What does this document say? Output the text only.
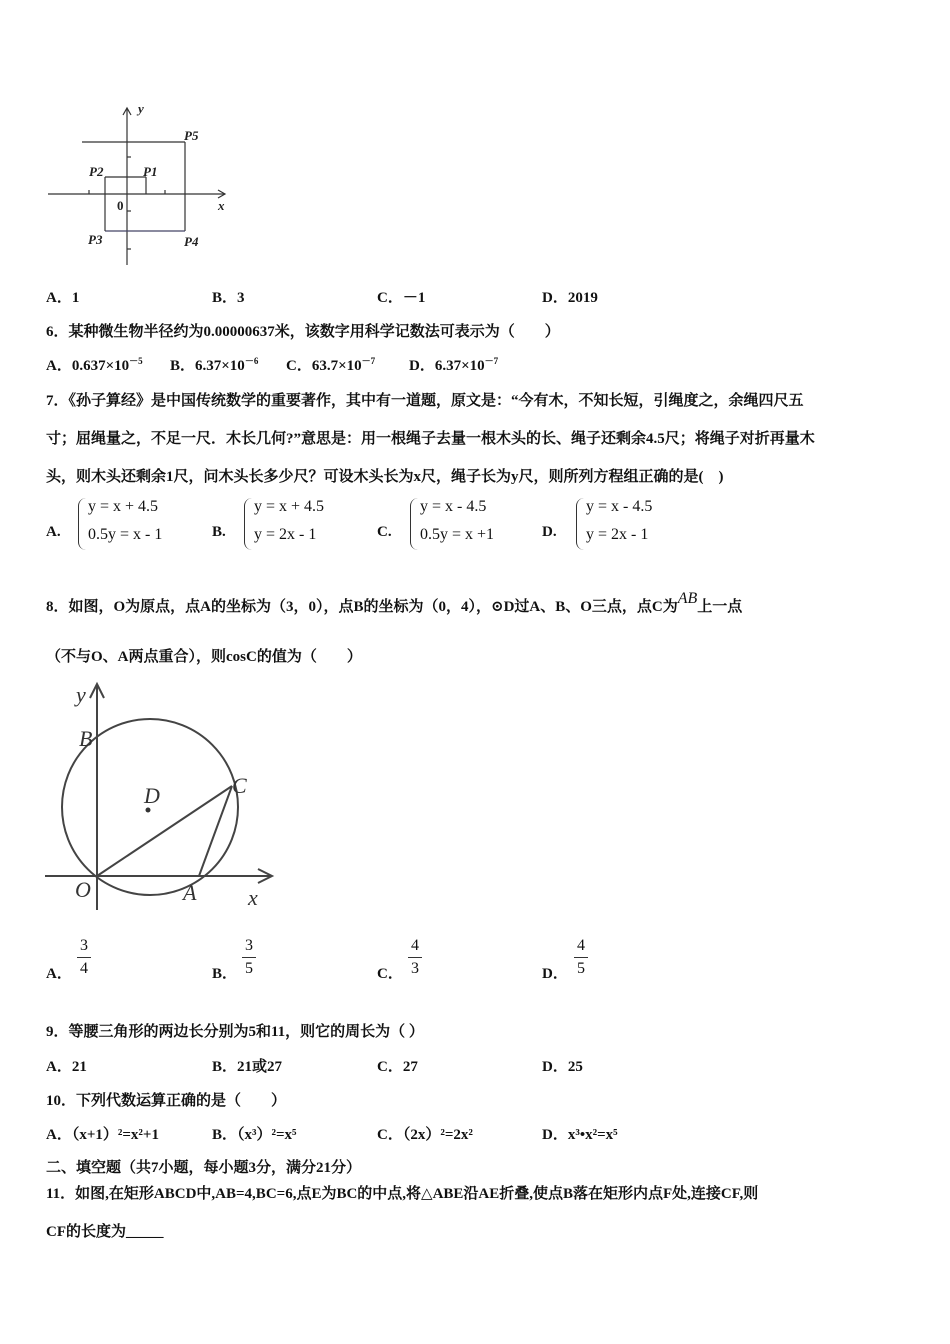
y
x
0
P5
P1
P2
P3	P4
A．1	B．3	C．－1	D．2019
6．某种微生物半径约为0.00000637米，该数字用科学记数法可表示为（　　）
A．$0.637\times 10^{-5}$ B．$6.37\times 10^{-6}$ C．$63.7\times 10^{-7}$ D．$6.37\times 10^{-7}$
7．《孙子算经》是中国传统数学的重要著作，其中有一道题，原文是：“今有木，不知长短，引绳度之，余绳四尺五
寸；屈绳量之，不足一尺．木长几何?”意思是：用一根绳子去量一根木头的长、绳子还剩余4.5尺；将绳子对折再量木
头，则木头还剩余1尺，问木头长多少尺？可设木头长为x尺，绳子长为y尺，则所列方程组正确的是(　)
A.
y = x + 4.5
0.5y = x - 1	B.
y = x + 4.5
y = 2x - 1	C.
y = x - 4.5
0.5y = x +1	D.
y = x - 4.5
y = 2x - 1
8．如图，O为原点，点A的坐标为（3，0），点B的坐标为（0，4），⊙D过A、B、O三点，点C为AB上一点
（不与O、A两点重合），则cosC的值为（　　）
y
x
O	A
B
C
D
A． $\frac{3}{4}$	B． $\frac{3}{5}$	C． $\frac{4}{3}$	D． $\frac{4}{5}$
9．等腰三角形的两边长分别为5和11，则它的周长为（ ）
A．21	B．21或27	C．27	D．25
10．下列代数运算正确的是（　　）
A．（x+1）²=x²+1	B．（x³）²=x⁵	C．（2x）²=2x²	D．x³•x²=x⁵
二、填空题（共7小题，每小题3分，满分21分）
11．如图,在矩形ABCD中,AB=4,BC=6,点E为BC的中点,将△ABE沿AE折叠,使点B落在矩形内点F处,连接CF,则
CF的长度为_____
